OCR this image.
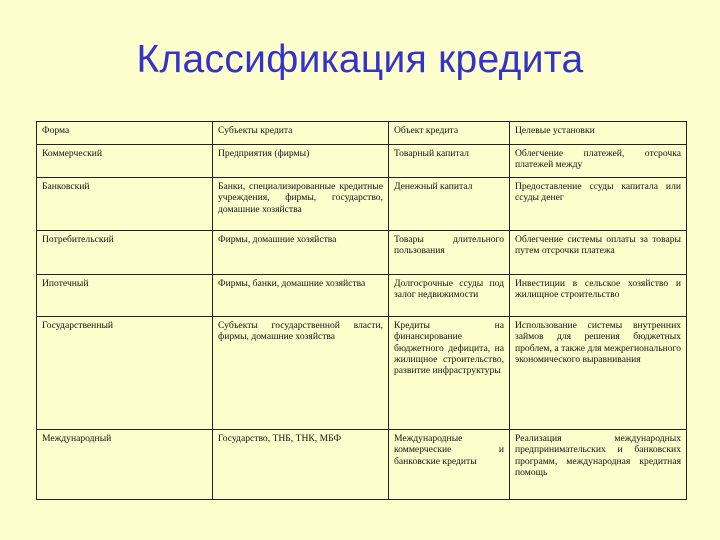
Классификация кредита
Форма	Субъекты кредита	Объект кредита	Целевые установки
Коммерческий	Предприятия (фирмы)	Товарный капитал	Облегчение платежей, отсрочка платежей между
Банковский	Банки, специализированные кредитные учреждения, фирмы, государство, домашние хозяйства	Денежный капитал	Предоставление ссуды капитала или ссуды денег
Потребительский	Фирмы, домашние хозяйства	Товары длительного пользования	Облегчение системы оплаты за товары путем отсрочки платежа
Ипотечный	Фирмы, банки, домашние хозяйства	Долгосрочные ссуды под залог недвижимости	Инвестиции в сельское хозяйство и жилищное строительство
Государственный	Субъекты государственной власти, фирмы, домашние хозяйства	Кредиты на финансирование бюджетного дефицита, на жилищное строительство, развитие инфраструктуры	Использование системы внутренних займов для решения бюджетных проблем, а также для межрегионального экономического выравнивания
Международный	Государство, ТНБ, ТНК, МБФ	Международные коммерческие и банковские кредиты	Реализация международных предпринимательских и банковских программ, международная кредитная помощь
